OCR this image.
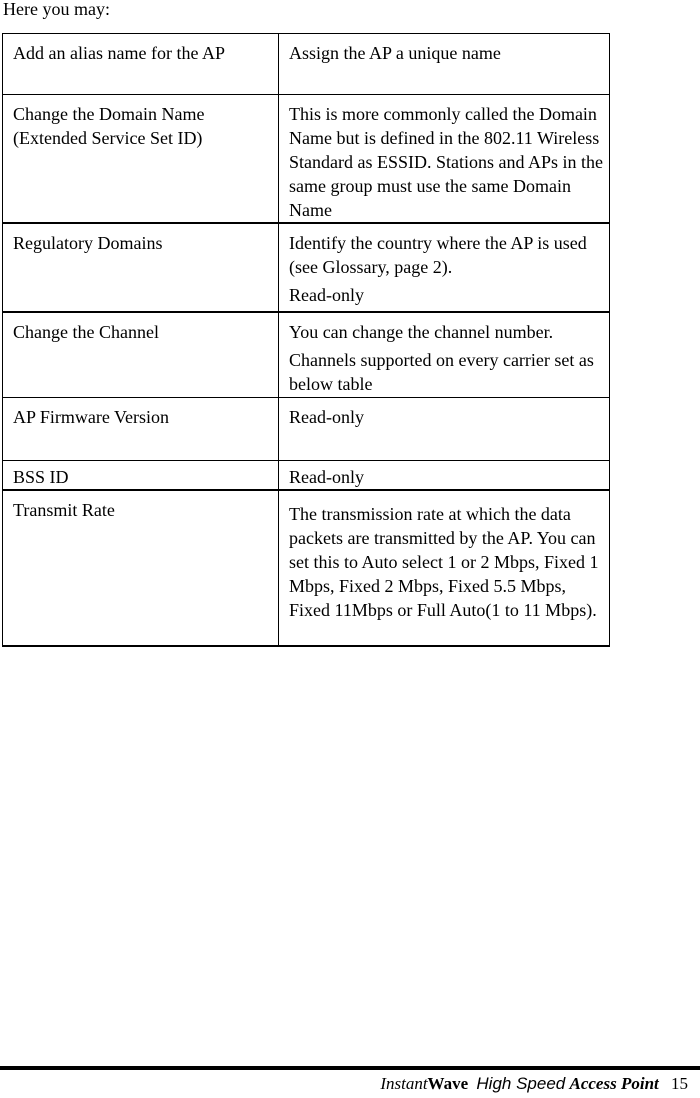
Here you may:
Add an alias name for the AP	Assign the AP a unique name

Change the Domain Name (Extended Service Set ID)	This is more commonly called the Domain Name but is defined in the 802.11 Wireless Standard as ESSID. Stations and APs in the same group must use the same Domain Name

Regulatory Domains	Identify the country where the AP is used (see Glossary, page 2).

Read-only

Change the Channel	You can change the channel number.

Channels supported on every carrier set as below table

AP Firmware Version	Read-only

BSS ID	Read-only

Transmit Rate	The transmission rate at which the data packets are transmitted by the AP. You can set this to Auto select 1 or 2 Mbps, Fixed 1 Mbps, Fixed 2 Mbps, Fixed 5.5 Mbps, Fixed 11Mbps or Full Auto(1 to 11 Mbps).

InstantWave High Speed Access Point 15
